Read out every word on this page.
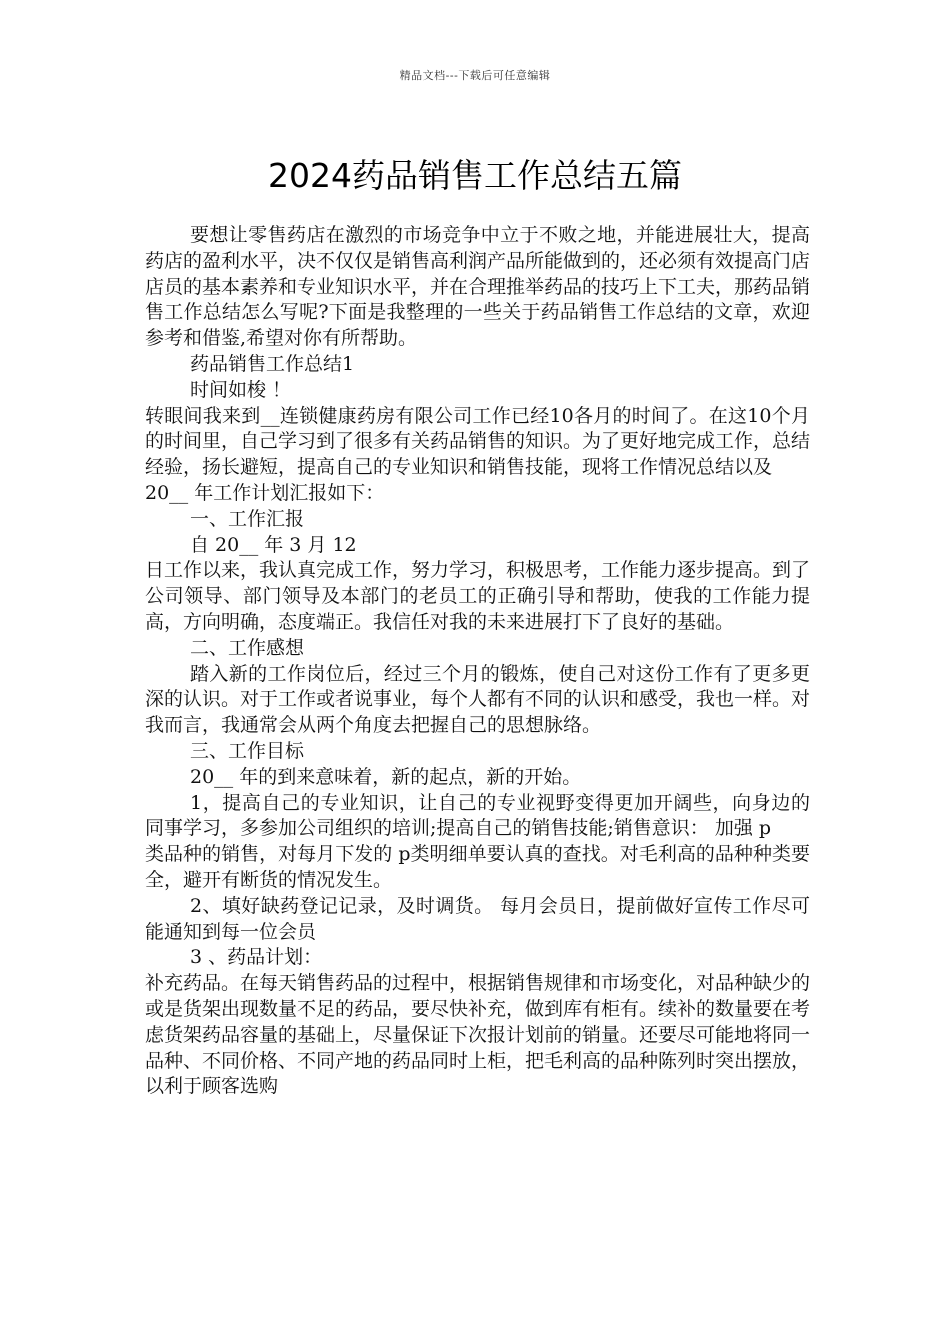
精品文档---下载后可任意编辑
2024药品销售工作总结五篇

要想让零售药店在激烈的市场竞争中立于不败之地，并能进展壮大，提高药店的盈利水平，决不仅仅是销售高利润产品所能做到的，还必须有效提高门店店员的基本素养和专业知识水平，并在合理推举药品的技巧上下工夫，那药品销售工作总结怎么写呢?下面是我整理的一些关于药品销售工作总结的文章，欢迎参考和借鉴,希望对你有所帮助。

药品销售工作总结1

时间如梭 ！

转眼间我来到__连锁健康药房有限公司工作已经10各月的时间了。在这10个月的时间里，自己学习到了很多有关药品销售的知识。为了更好地完成工作，总结经验，扬长避短，提高自己的专业知识和销售技能，现将工作情况总结以及

20__ 年工作计划汇报如下：

一、工作汇报

自 20__ 年 3 月 12

日工作以来，我认真完成工作，努力学习，积极思考，工作能力逐步提高。到了公司领导、部门领导及本部门的老员工的正确引导和帮助，使我的工作能力提高，方向明确，态度端正。我信任对我的未来进展打下了良好的基础。

二、工作感想

踏入新的工作岗位后，经过三个月的锻炼，使自己对这份工作有了更多更深的认识。对于工作或者说事业，每个人都有不同的认识和感受，我也一样。对我而言，我通常会从两个角度去把握自己的思想脉络。

三、工作目标

20__ 年的到来意味着，新的起点，新的开始。

1，提高自己的专业知识，让自己的专业视野变得更加开阔些，向身边的同事学习，多参加公司组织的培训;提高自己的销售技能;销售意识： 加强 p

类品种的销售，对每月下发的 p类明细单要认真的查找。对毛利高的品种种类要全，避开有断货的情况发生。

2、填好缺药登记记录，及时调货。 每月会员日，提前做好宣传工作尽可能通知到每一位会员

3 、药品计划：

补充药品。在每天销售药品的过程中，根据销售规律和市场变化，对品种缺少的或是货架出现数量不足的药品，要尽快补充，做到库有柜有。续补的数量要在考虑货架药品容量的基础上，尽量保证下次报计划前的销量。还要尽可能地将同一品种、不同价格、不同产地的药品同时上柜，把毛利高的品种陈列时突出摆放，以利于顾客选购
